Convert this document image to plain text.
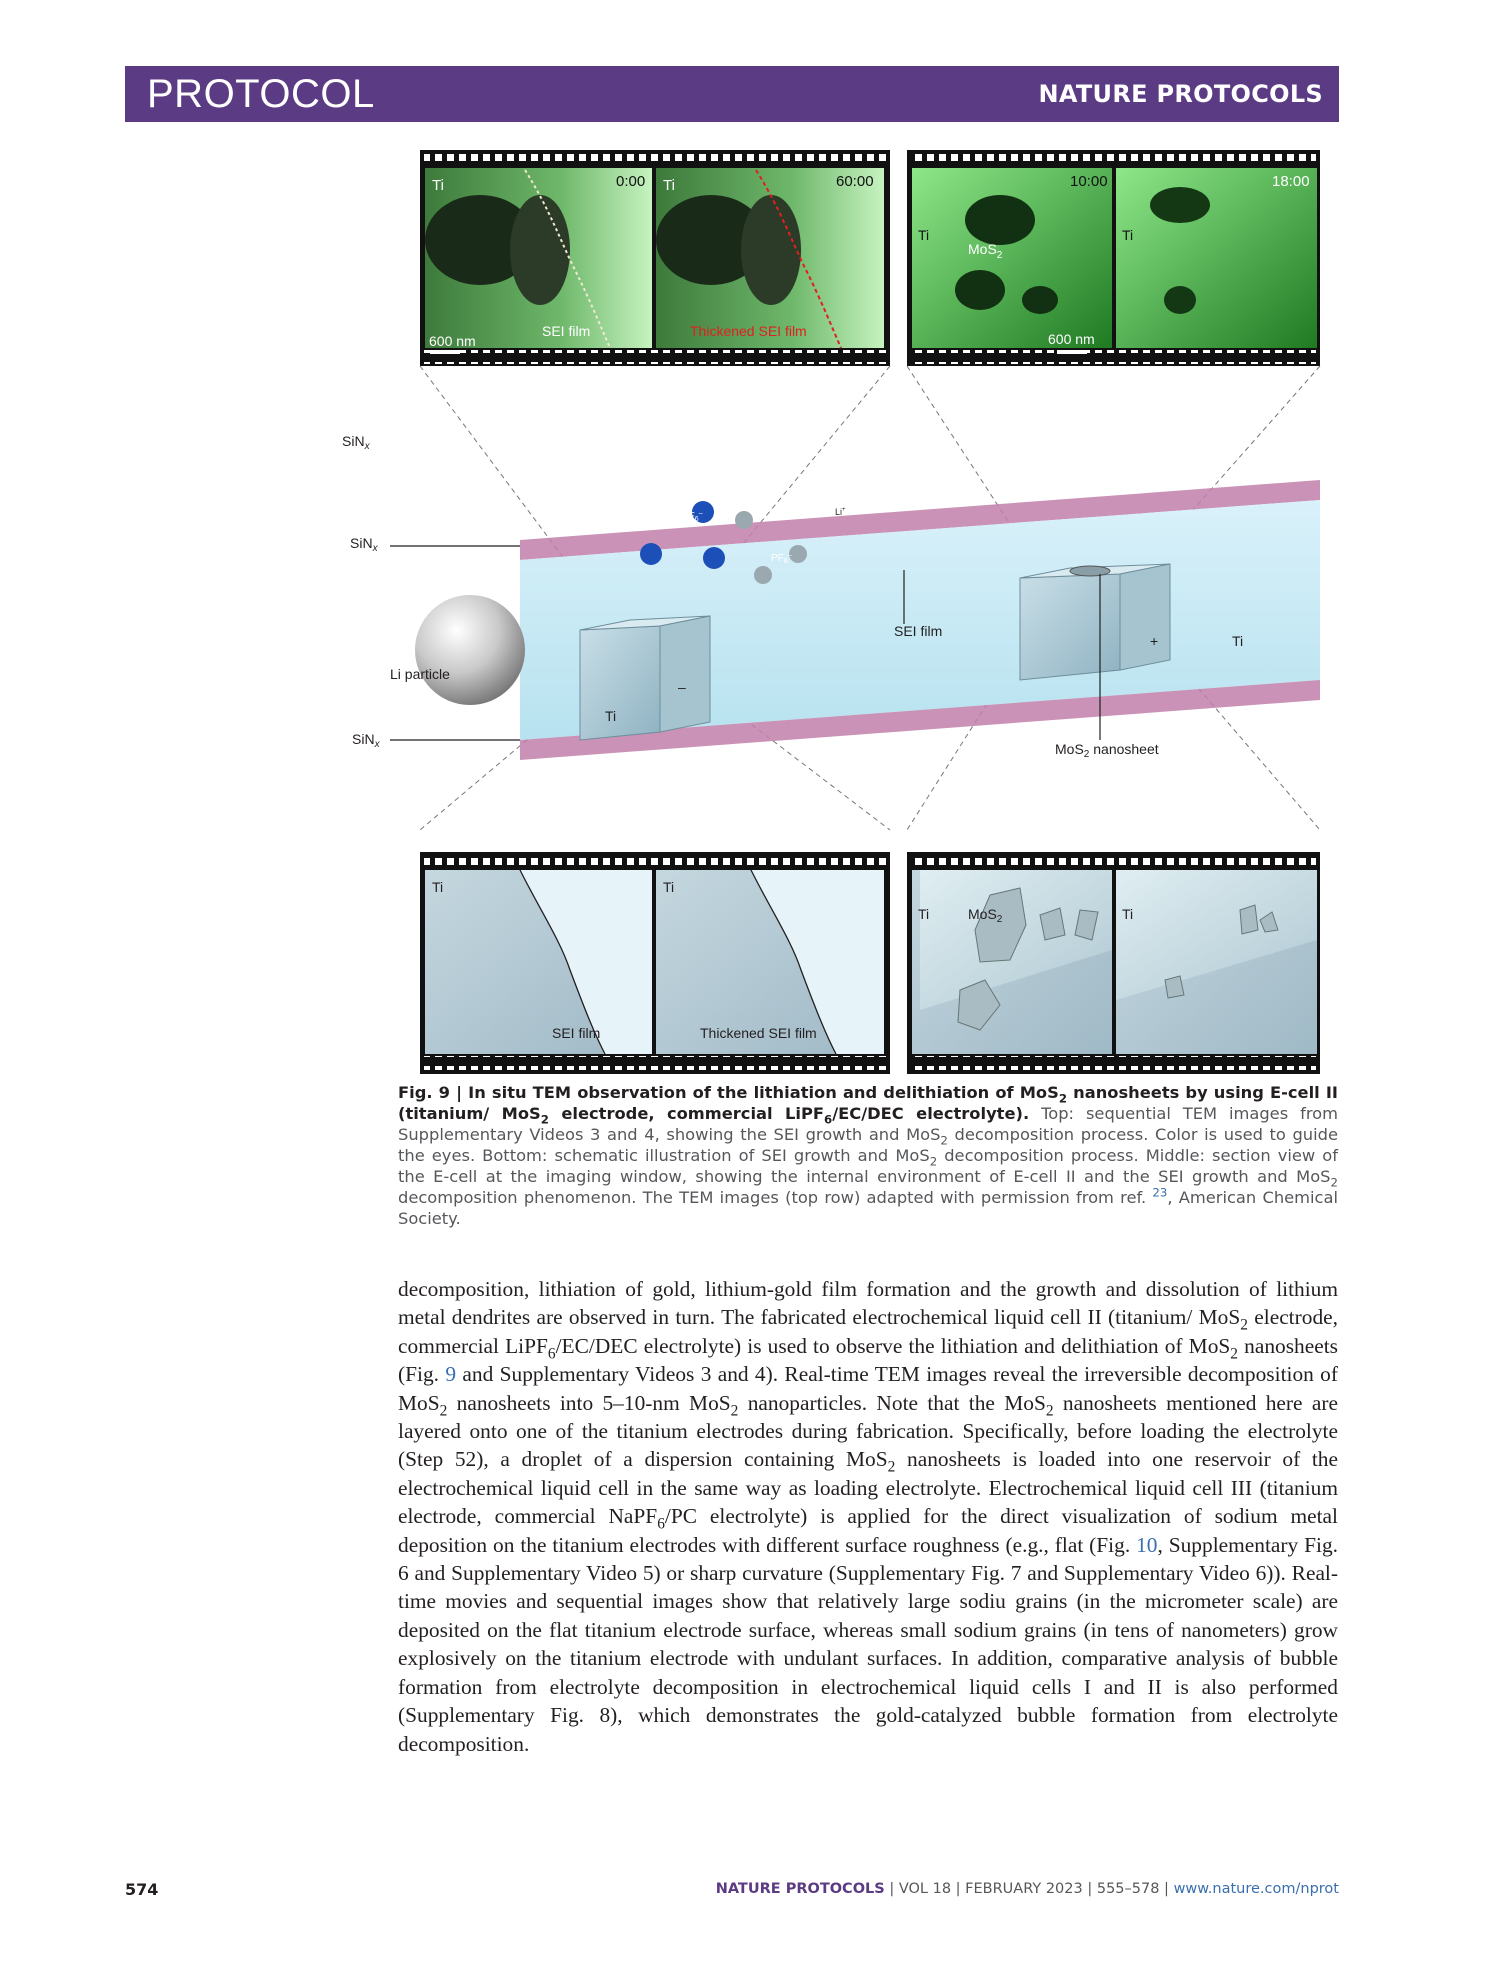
PROTOCOL	NATURE PROTOCOLS
Ti	0:00 Ti	60:00
600 nm
SEI film	Thickened SEI film
10:00	18:00
Ti
MoS$_2$
Ti
600 nm
SiN$_x$
SiN$_x$
SiN$_x$
Li particle
Ti
–
Ti
+
$PF_6^-$
$PF_6^-$
Li+
SEI film
MoS$_2$ nanosheet
Ti	Ti
SEI film	Thickened SEI film
Ti	MoS$_2$	Ti
Fig. 9 | In situ TEM observation of the lithiation and delithiation of MoS$_2$ nanosheets by using E-cell II (titanium/ MoS$_2$ electrode, commercial LiPF$_6$/EC/DEC electrolyte). Top: sequential TEM images from Supplementary Videos 3 and 4, showing the SEI growth and MoS$_2$ decomposition process. Color is used to guide the eyes. Bottom: schematic illustration of SEI growth and MoS$_2$ decomposition process. Middle: section view of the E-cell at the imaging window, showing the internal environment of E-cell II and the SEI growth and MoS$_2$ decomposition phenomenon. The TEM images (top row) adapted with permission from ref. $^{23}$, American Chemical Society.

decomposition, lithiation of gold, lithium-gold film formation and the growth and dissolution of lithium metal dendrites are observed in turn. The fabricated electrochemical liquid cell II (titanium/ MoS$_2$ electrode, commercial LiPF$_6$/EC/DEC electrolyte) is used to observe the lithiation and delithiation of MoS$_2$ nanosheets (Fig. 9 and Supplementary Videos 3 and 4). Real-time TEM images reveal the irreversible decomposition of MoS$_2$ nanosheets into 5–10-nm MoS$_2$ nanoparticles. Note that the MoS$_2$ nanosheets mentioned here are layered onto one of the titanium electrodes during fabrication. Specifically, before loading the electrolyte (Step 52), a droplet of a dispersion containing MoS$_2$ nanosheets is loaded into one reservoir of the electrochemical liquid cell in the same way as loading electrolyte. Electrochemical liquid cell III (titanium electrode, commercial NaPF$_6$/PC electrolyte) is applied for the direct visualization of sodium metal deposition on the titanium electrodes with different surface roughness (e.g., flat (Fig. 10, Supplementary Fig. 6 and Supplementary Video 5) or sharp curvature (Supplementary Fig. 7 and Supplementary Video 6)). Real-time movies and sequential images show that relatively large sodiu grains (in the micrometer scale) are deposited on the flat titanium electrode surface, whereas small sodium grains (in tens of nanometers) grow explosively on the titanium electrode with undulant surfaces. In addition, comparative analysis of bubble formation from electrolyte decomposition in electrochemical liquid cells I and II is also performed (Supplementary Fig. 8), which demonstrates the gold-catalyzed bubble formation from electrolyte decomposition.

574	NATURE PROTOCOLS | VOL 18 | FEBRUARY 2023 | 555–578 | www.nature.com/nprot
